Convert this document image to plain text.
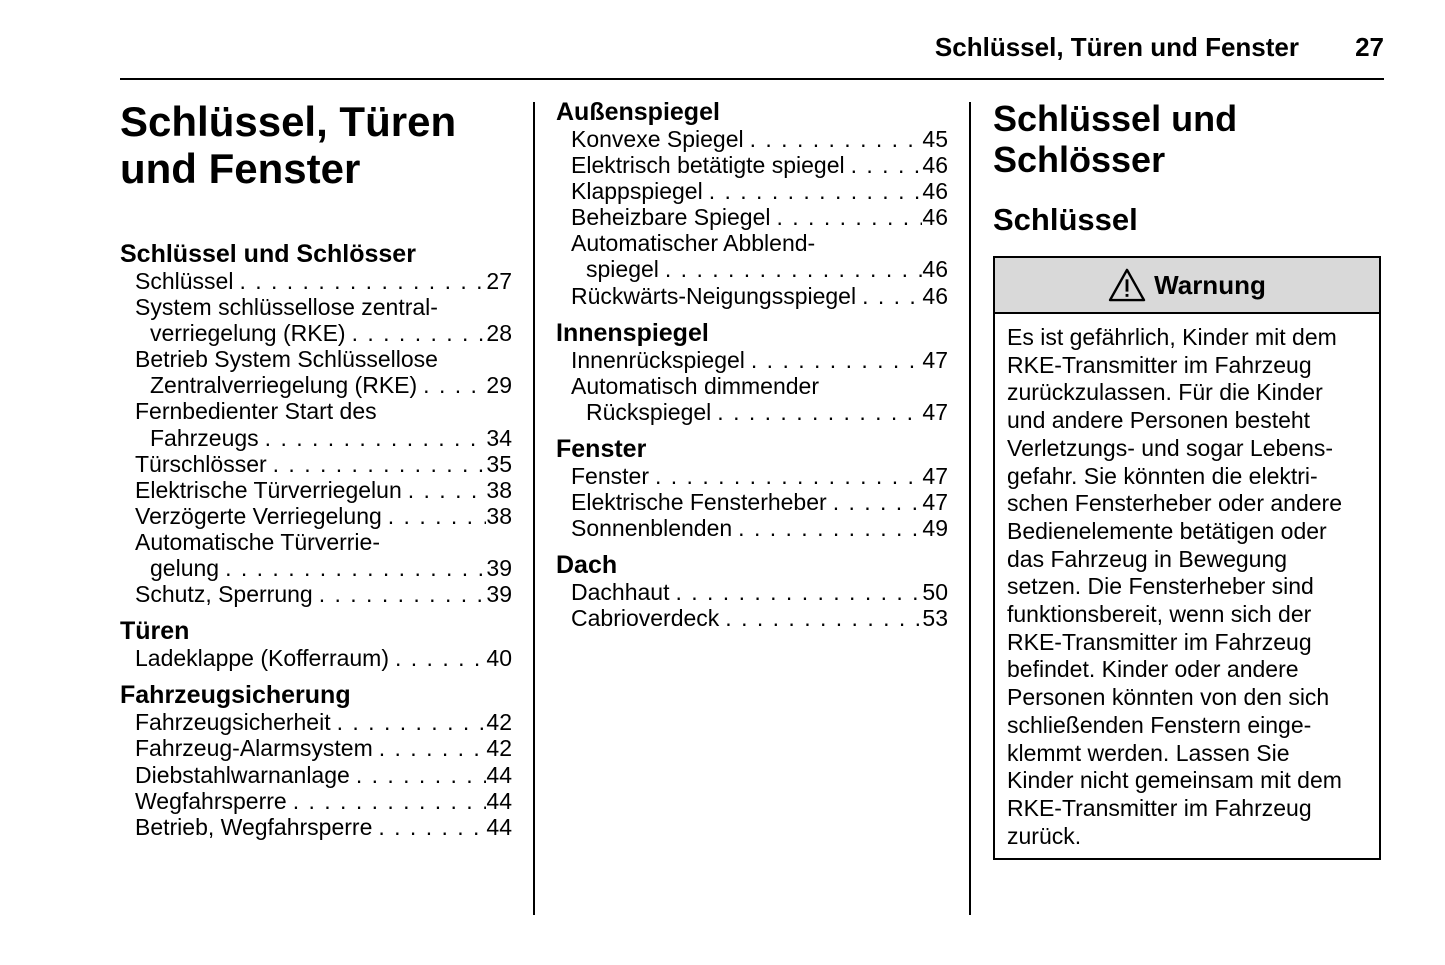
Schlüssel, Türen und Fenster 27
Schlüssel, Türen
und Fenster
Schlüssel und Schlösser
Schlüssel . . .	27
System schlüssellose zentral-
verriegelung (RKE) . . .	28
Betrieb System Schlüssellose
Zentralverriegelung (RKE) . . .	29
Fernbedienter Start des
Fahrzeugs . . .	34
Türschlösser . . .	35
Elektrische Türverriegelun . . .	38
Verzögerte Verriegelung . . .	38
Automatische Türverrie-
gelung . . .	39
Schutz, Sperrung . . .	39
Türen
Ladeklappe (Kofferraum) . . .	40
Fahrzeugsicherung
Fahrzeugsicherheit . . .	42
Fahrzeug-Alarmsystem . . .	42
Diebstahlwarnanlage . . .	44
Wegfahrsperre . . .	44
Betrieb, Wegfahrsperre . . .	44
Außenspiegel
Konvexe Spiegel . . .	45
Elektrisch betätigte spiegel . . .	46
Klappspiegel . . .	46
Beheizbare Spiegel . . .	46
Automatischer Abblend-
spiegel . . .	46
Rückwärts-Neigungsspiegel . . .	46
Innenspiegel
Innenrückspiegel . . .	47
Automatisch dimmender
Rückspiegel . . .	47
Fenster
Fenster . . .	47
Elektrische Fensterheber . . .	47
Sonnenblenden . . .	49
Dach
Dachhaut . . .	50
Cabrioverdeck . . .	53
Schlüssel und
Schlösser
Schlüssel
Warnung
Es ist gefährlich, Kinder mit dem
RKE-Transmitter im Fahrzeug
zurückzulassen. Für die Kinder
und andere Personen besteht
Verletzungs- und sogar Lebens-
gefahr. Sie könnten die elektri-
schen Fensterheber oder andere
Bedienelemente betätigen oder
das Fahrzeug in Bewegung
setzen. Die Fensterheber sind
funktionsbereit, wenn sich der
RKE-Transmitter im Fahrzeug
befindet. Kinder oder andere
Personen könnten von den sich
schließenden Fenstern einge-
klemmt werden. Lassen Sie
Kinder nicht gemeinsam mit dem
RKE-Transmitter im Fahrzeug
zurück.
